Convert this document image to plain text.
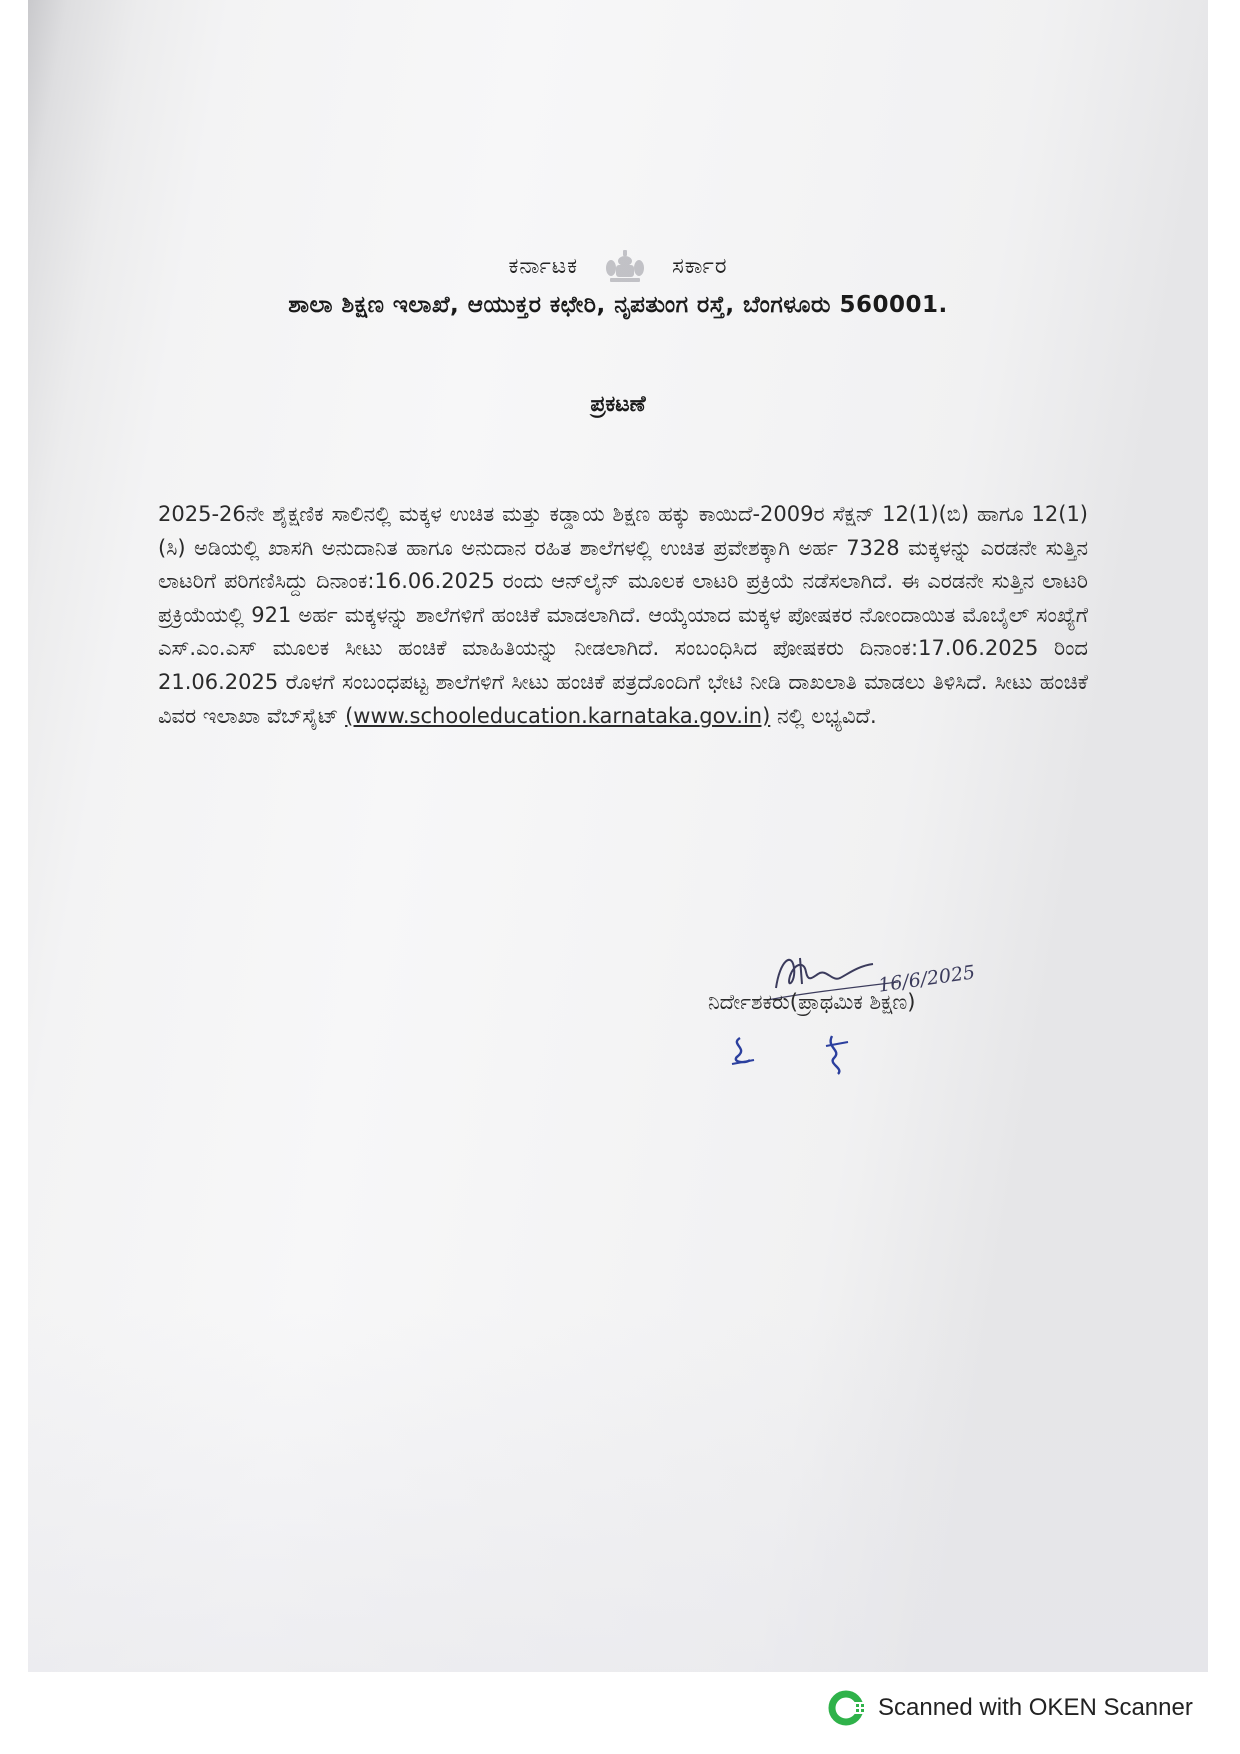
ಕರ್ನಾಟಕ	ಸರ್ಕಾರ
ಶಾಲಾ ಶಿಕ್ಷಣ ಇಲಾಖೆ, ಆಯುಕ್ತರ ಕಛೇರಿ, ನೃಪತುಂಗ ರಸ್ತೆ, ಬೆಂಗಳೂರು 560001.
ಪ್ರಕಟಣೆ
2025-26ನೇ ಶೈಕ್ಷಣಿಕ ಸಾಲಿನಲ್ಲಿ ಮಕ್ಕಳ ಉಚಿತ ಮತ್ತು ಕಡ್ಡಾಯ ಶಿಕ್ಷಣ ಹಕ್ಕು ಕಾಯಿದೆ-2009ರ ಸೆಕ್ಷನ್ 12(1)(ಬಿ) ಹಾಗೂ 12(1)(ಸಿ) ಅಡಿಯಲ್ಲಿ ಖಾಸಗಿ ಅನುದಾನಿತ ಹಾಗೂ ಅನುದಾನ ರಹಿತ ಶಾಲೆಗಳಲ್ಲಿ ಉಚಿತ ಪ್ರವೇಶಕ್ಕಾಗಿ ಅರ್ಹ 7328 ಮಕ್ಕಳನ್ನು ಎರಡನೇ ಸುತ್ತಿನ ಲಾಟರಿಗೆ ಪರಿಗಣಿಸಿದ್ದು ದಿನಾಂಕ:16.06.2025 ರಂದು ಆನ್‌ಲೈನ್ ಮೂಲಕ ಲಾಟರಿ ಪ್ರಕ್ರಿಯೆ ನಡೆಸಲಾಗಿದೆ. ಈ ಎರಡನೇ ಸುತ್ತಿನ ಲಾಟರಿ ಪ್ರಕ್ರಿಯೆಯಲ್ಲಿ 921 ಅರ್ಹ ಮಕ್ಕಳನ್ನು ಶಾಲೆಗಳಿಗೆ ಹಂಚಿಕೆ ಮಾಡಲಾಗಿದೆ. ಆಯ್ಕೆಯಾದ ಮಕ್ಕಳ ಪೋಷಕರ ನೋಂದಾಯಿತ ಮೊಬೈಲ್ ಸಂಖ್ಯೆಗೆ ಎಸ್.ಎಂ.ಎಸ್ ಮೂಲಕ ಸೀಟು ಹಂಚಿಕೆ ಮಾಹಿತಿಯನ್ನು ನೀಡಲಾಗಿದೆ. ಸಂಬಂಧಿಸಿದ ಪೋಷಕರು ದಿನಾಂಕ:17.06.2025 ರಿಂದ 21.06.2025 ರೊಳಗೆ ಸಂಬಂಧಪಟ್ಟ ಶಾಲೆಗಳಿಗೆ ಸೀಟು ಹಂಚಿಕೆ ಪತ್ರದೊಂದಿಗೆ ಭೇಟಿ ನೀಡಿ ದಾಖಲಾತಿ ಮಾಡಲು ತಿಳಿಸಿದೆ. ಸೀಟು ಹಂಚಿಕೆ ವಿವರ ಇಲಾಖಾ ವೆಬ್‌ಸೈಟ್ (www.schooleducation.karnataka.gov.in) ನಲ್ಲಿ ಲಭ್ಯವಿದೆ.
16/6/2025
ನಿರ್ದೇಶಕರು(ಪ್ರಾಥಮಿಕ ಶಿಕ್ಷಣ)
Scanned with OKEN Scanner
